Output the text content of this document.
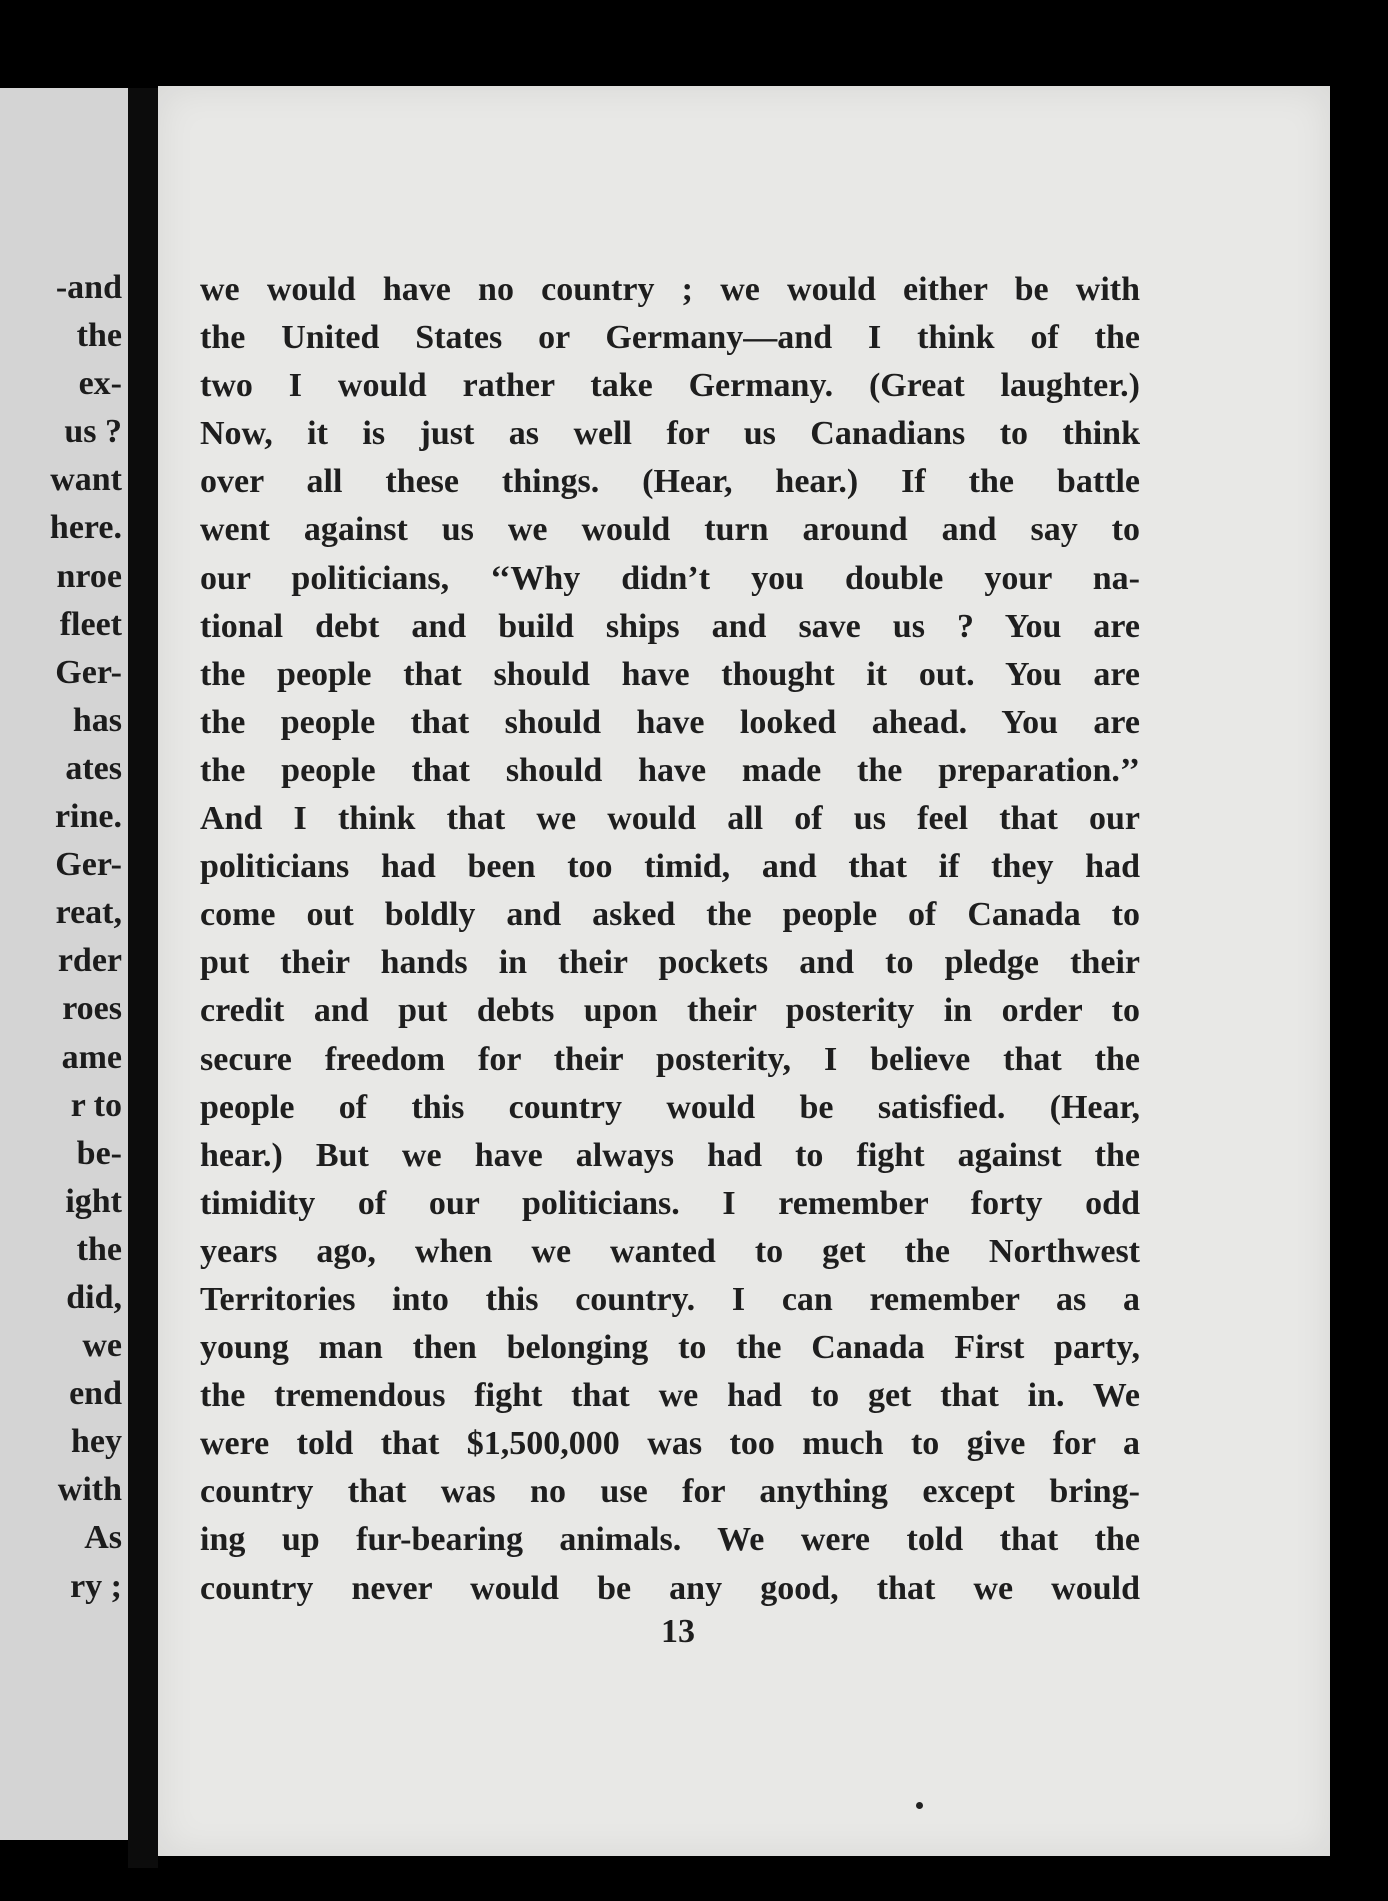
-and
the
ex-
us ?
want
here.
nroe
fleet
Ger-
has
ates
rine.
Ger-
reat,
rder
roes
ame
r to
be-
ight
the
did,
we
end
hey
with
As
ry ;
we would have no country ; we would either be with
the United States or Germany—and I think of the
two I would rather take Germany. (Great laughter.)
Now, it is just as well for us Canadians to think
over all these things. (Hear, hear.) If the battle
went against us we would turn around and say to
our politicians, ‘‘Why didn’t you double your na-
tional debt and build ships and save us ? You are
the people that should have thought it out. You are
the people that should have looked ahead. You are
the people that should have made the preparation.’’
And I think that we would all of us feel that our
politicians had been too timid, and that if they had
come out boldly and asked the people of Canada to
put their hands in their pockets and to pledge their
credit and put debts upon their posterity in order to
secure freedom for their posterity, I believe that the
people of this country would be satisfied. (Hear,
hear.) But we have always had to fight against the
timidity of our politicians. I remember forty odd
years ago, when we wanted to get the Northwest
Territories into this country. I can remember as a
young man then belonging to the Canada First party,
the tremendous fight that we had to get that in. We
were told that $1,500,000 was too much to give for a
country that was no use for anything except bring-
ing up fur-bearing animals. We were told that the
country never would be any good, that we would
13
